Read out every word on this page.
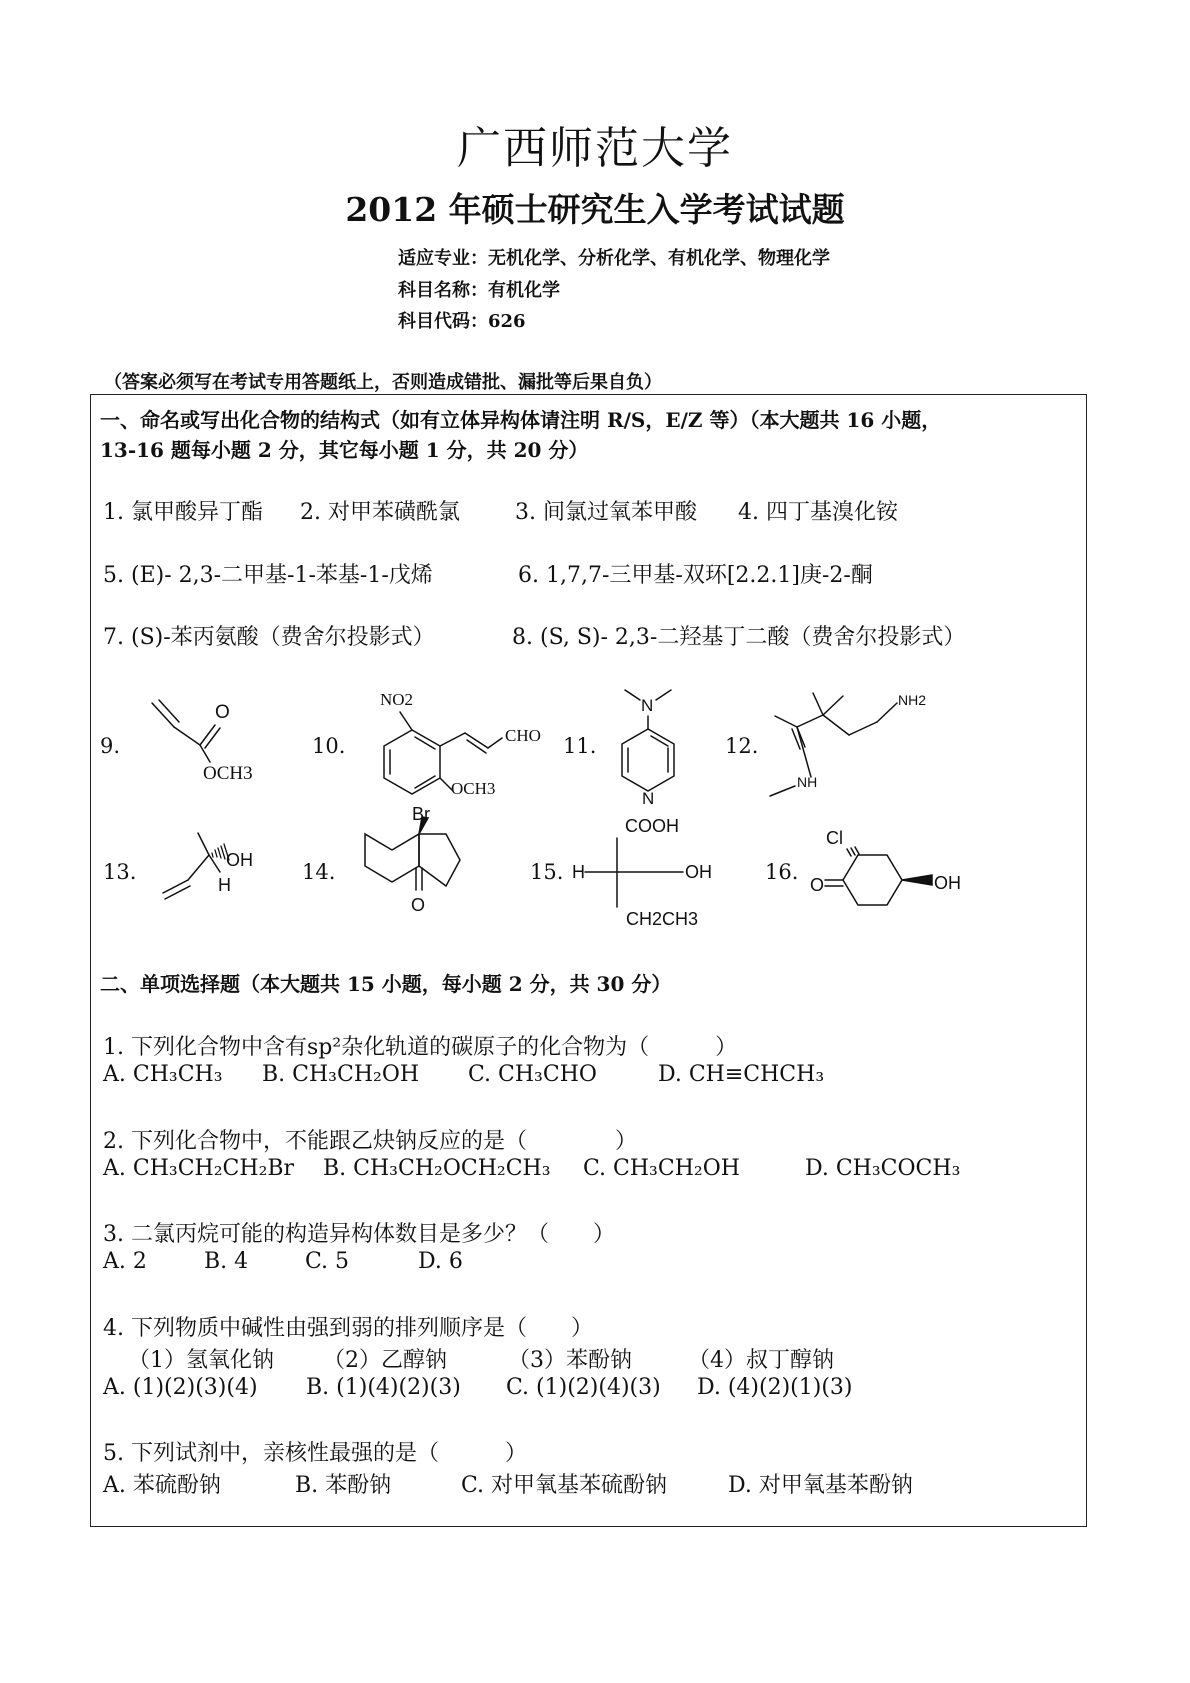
广西师范大学
2012 年硕士研究生入学考试试题
适应专业：无机化学、分析化学、有机化学、物理化学
科目名称：有机化学
科目代码：626
（答案必须写在考试专用答题纸上，否则造成错批、漏批等后果自负）
一、命名或写出化合物的结构式（如有立体异构体请注明 R/S，E/Z 等）（本大题共 16 小题，
13-16 题每小题 2 分，其它每小题 1 分，共 20 分）
1. 氯甲酸异丁酯 2. 对甲苯磺酰氯	3. 间氯过氧苯甲酸 4. 四丁基溴化铵
5. (E)- 2,3-二甲基-1-苯基-1-戊烯	6. 1,7,7-三甲基-双环[2.2.1]庚-2-酮
7. (S)-苯丙氨酸（费舍尔投影式）	8. (S, S)- 2,3-二羟基丁二酸（费舍尔投影式）
9.	10.	11.	12.
13.	14.	15.	16.
O
OCH3
NO2
CHO
OCH3
N
N
NH2
NH
OH
H
Br
O
COOH
H	OH
CH2CH3
Cl
O	OH
二、单项选择题（本大题共 15 小题，每小题 2 分，共 30 分）
1. 下列化合物中含有sp²杂化轨道的碳原子的化合物为（　　　）
A. CH₃CH₃ B. CH₃CH₂OH C. CH₃CHO	D. CH≡CHCH₃
2. 下列化合物中，不能跟乙炔钠反应的是（　　　　）
A. CH₃CH₂CH₂Br B. CH₃CH₂OCH₂CH₃ C. CH₃CH₂OH	D. CH₃COCH₃
3. 二氯丙烷可能的构造异构体数目是多少？（　　）
A. 2	B. 4	C. 5	D. 6
4. 下列物质中碱性由强到弱的排列顺序是（　　）
（1）氢氧化钠 （2）乙醇钠	（3）苯酚钠	（4）叔丁醇钠
A. (1)(2)(3)(4) B. (1)(4)(2)(3) C. (1)(2)(4)(3) D. (4)(2)(1)(3)
5. 下列试剂中，亲核性最强的是（　　　）
A. 苯硫酚钠	B. 苯酚钠	C. 对甲氧基苯硫酚钠	D. 对甲氧基苯酚钠
